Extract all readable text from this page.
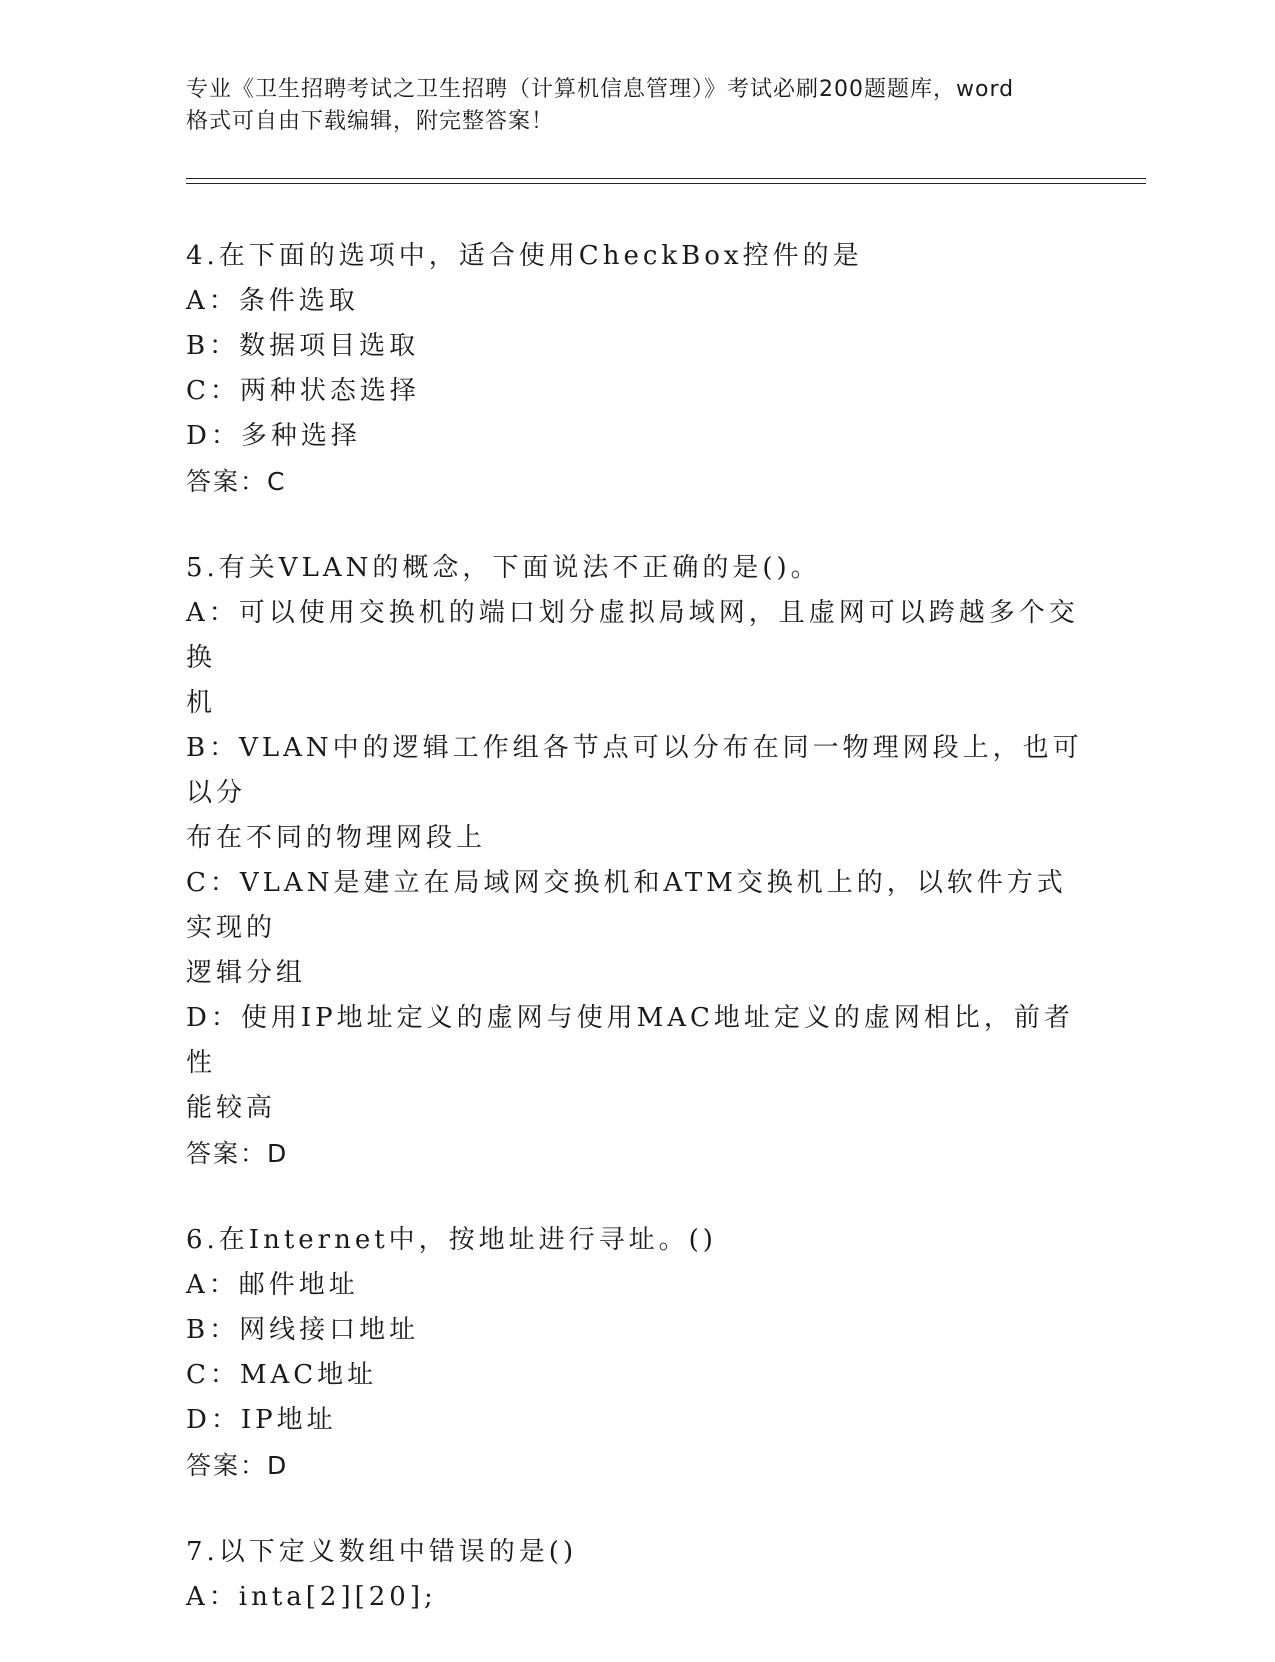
专业《卫生招聘考试之卫生招聘（计算机信息管理）》考试必刷200题题库，word
格式可自由下载编辑，附完整答案！
4.在下面的选项中，适合使用CheckBox控件的是
A：条件选取
B：数据项目选取
C：两种状态选择
D：多种选择
答案：C
5.有关VLAN的概念，下面说法不正确的是()。
A：可以使用交换机的端口划分虚拟局域网，且虚网可以跨越多个交换
机
B：VLAN中的逻辑工作组各节点可以分布在同一物理网段上，也可以分
布在不同的物理网段上
C：VLAN是建立在局域网交换机和ATM交换机上的，以软件方式实现的
逻辑分组
D：使用IP地址定义的虚网与使用MAC地址定义的虚网相比，前者性
能较高
答案：D
6.在Internet中，按地址进行寻址。()
A：邮件地址
B：网线接口地址
C：MAC地址
D：IP地址
答案：D
7.以下定义数组中错误的是()
A：inta[2][20];
